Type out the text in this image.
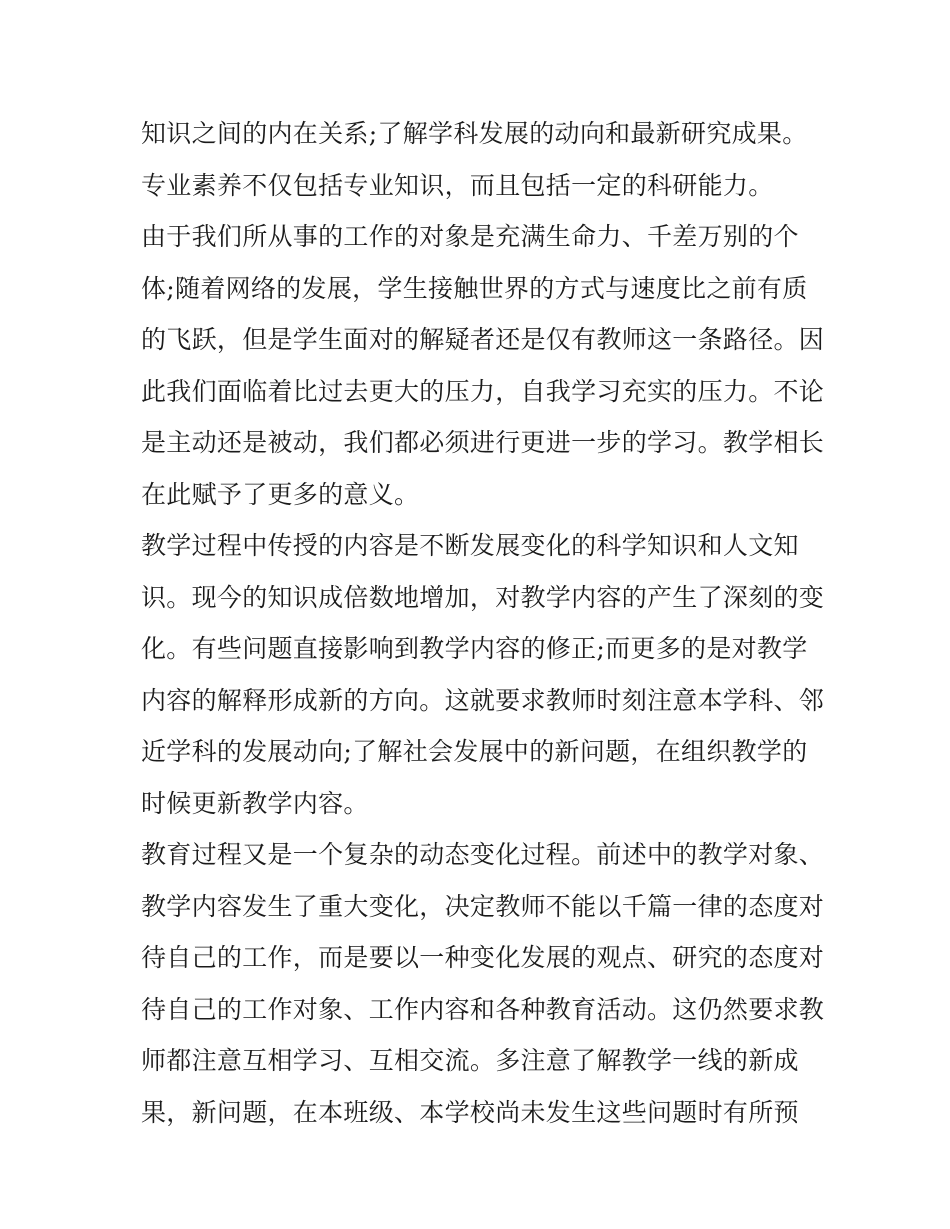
知识之间的内在关系;了解学科发展的动向和最新研究成果。
专业素养不仅包括专业知识，而且包括一定的科研能力。
由于我们所从事的工作的对象是充满生命力、千差万别的个
体;随着网络的发展，学生接触世界的方式与速度比之前有质
的飞跃，但是学生面对的解疑者还是仅有教师这一条路径。因
此我们面临着比过去更大的压力，自我学习充实的压力。不论
是主动还是被动，我们都必须进行更进一步的学习。教学相长
在此赋予了更多的意义。
教学过程中传授的内容是不断发展变化的科学知识和人文知
识。现今的知识成倍数地增加，对教学内容的产生了深刻的变
化。有些问题直接影响到教学内容的修正;而更多的是对教学
内容的解释形成新的方向。这就要求教师时刻注意本学科、邻
近学科的发展动向;了解社会发展中的新问题，在组织教学的
时候更新教学内容。
教育过程又是一个复杂的动态变化过程。前述中的教学对象、
教学内容发生了重大变化，决定教师不能以千篇一律的态度对
待自己的工作，而是要以一种变化发展的观点、研究的态度对
待自己的工作对象、工作内容和各种教育活动。这仍然要求教
师都注意互相学习、互相交流。多注意了解教学一线的新成
果，新问题，在本班级、本学校尚未发生这些问题时有所预
